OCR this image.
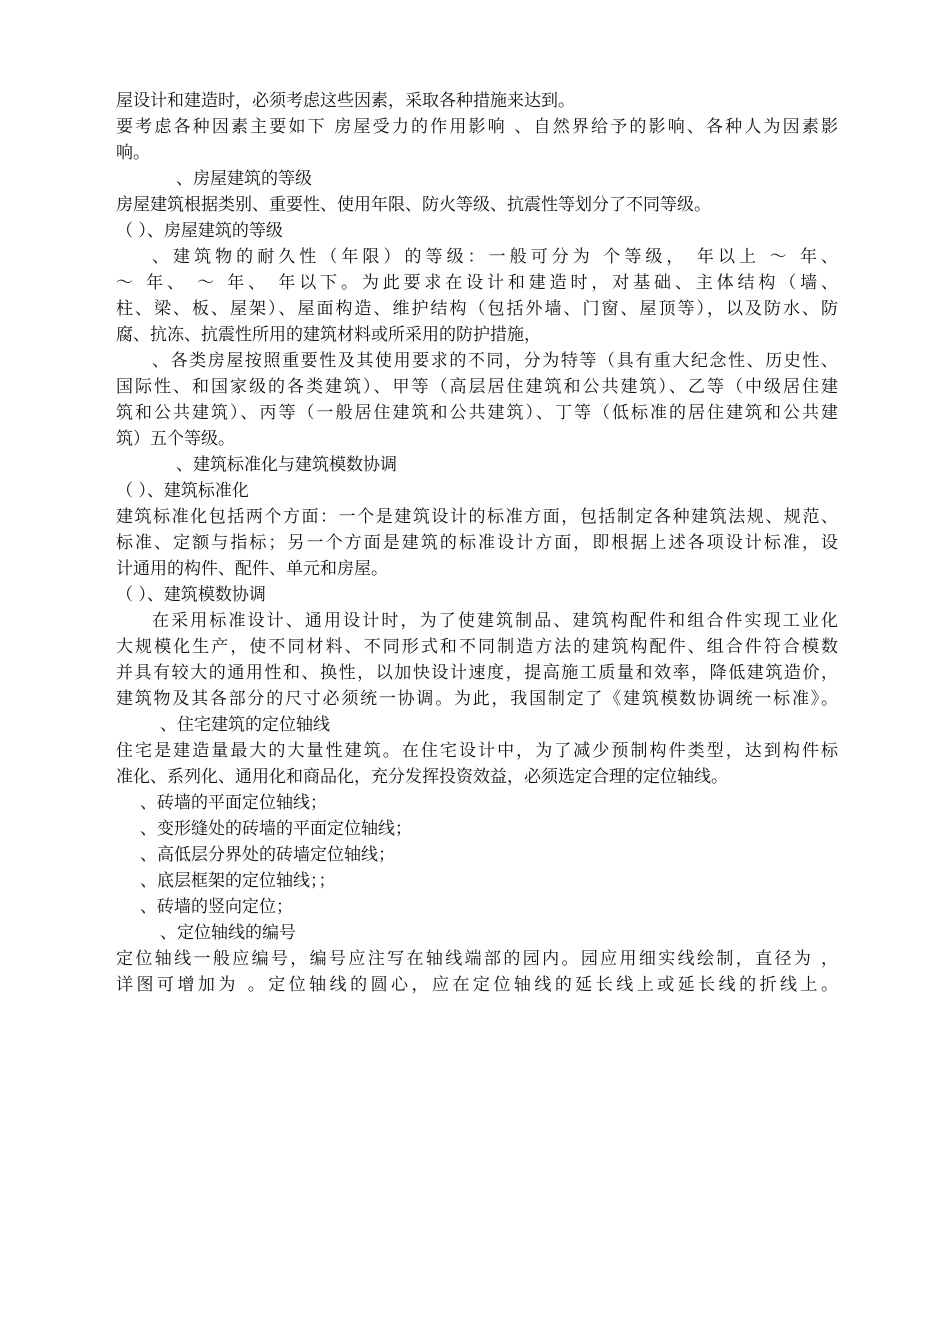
屋设计和建造时，必须考虑这些因素，采取各种措施来达到。
要考虑各种因素主要如下 房屋受力的作用影响 、自然界给予的影响、各种人为因素影
响。
、房屋建筑的等级
房屋建筑根据类别、重要性、使用年限、防火等级、抗震性等划分了不同等级。
（ ）、房屋建筑的等级
、建筑物的耐久性（年限）的等级：一般可分为 个等级， 年以上 ～ 年、
～ 年、 ～ 年、 年以下。为此要求在设计和建造时，对基础、主体结构（墙、
柱、梁、板、屋架）、屋面构造、维护结构（包括外墙、门窗、屋顶等），以及防水、防
腐、抗冻、抗震性所用的建筑材料或所采用的防护措施，
、各类房屋按照重要性及其使用要求的不同，分为特等（具有重大纪念性、历史性、
国际性、和国家级的各类建筑）、甲等（高层居住建筑和公共建筑）、乙等（中级居住建
筑和公共建筑）、丙等（一般居住建筑和公共建筑）、丁等（低标准的居住建筑和公共建
筑）五个等级。
、建筑标准化与建筑模数协调
（ ）、建筑标准化
建筑标准化包括两个方面：一个是建筑设计的标准方面，包括制定各种建筑法规、规范、
标准、定额与指标；另一个方面是建筑的标准设计方面，即根据上述各项设计标准，设
计通用的构件、配件、单元和房屋。
（ ）、建筑模数协调
在采用标准设计、通用设计时，为了使建筑制品、建筑构配件和组合件实现工业化
大规模化生产，使不同材料、不同形式和不同制造方法的建筑构配件、组合件符合模数
并具有较大的通用性和、换性，以加快设计速度，提高施工质量和效率，降低建筑造价，
建筑物及其各部分的尺寸必须统一协调。为此，我国制定了《建筑模数协调统一标准》。
、住宅建筑的定位轴线
住宅是建造量最大的大量性建筑。在住宅设计中，为了减少预制构件类型，达到构件标
准化、系列化、通用化和商品化，充分发挥投资效益，必须选定合理的定位轴线。
、砖墙的平面定位轴线；
、变形缝处的砖墙的平面定位轴线；
、高低层分界处的砖墙定位轴线；
、底层框架的定位轴线；；
、砖墙的竖向定位；
、定位轴线的编号
定位轴线一般应编号，编号应注写在轴线端部的园内。园应用细实线绘制，直径为 ，
详图可增加为 。定位轴线的圆心，应在定位轴线的延长线上或延长线的折线上。
